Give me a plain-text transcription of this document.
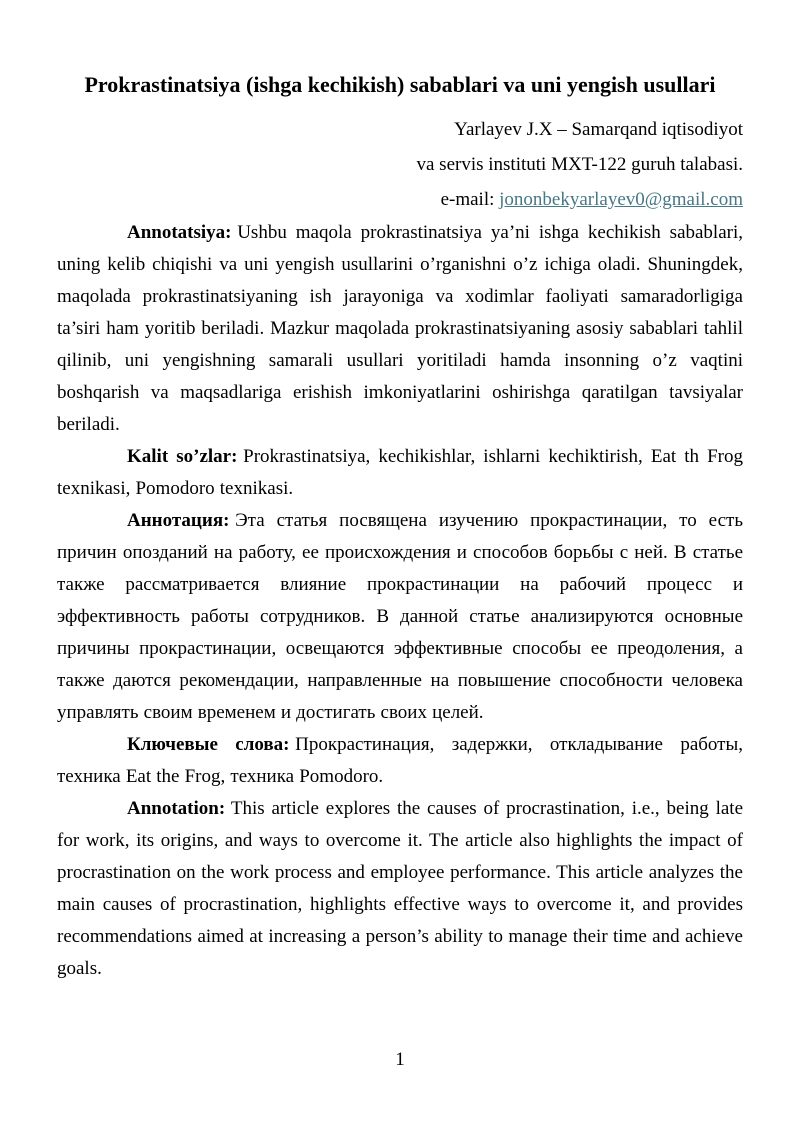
Prokrastinatsiya (ishga kechikish) sabablari va uni yengish usullari
Yarlayev J.X – Samarqand iqtisodiyot
va servis instituti MXT-122 guruh talabasi.
e-mail: jononbekyarlayev0@gmail.com

Annotatsiya: Ushbu maqola prokrastinatsiya ya’ni ishga kechikish sabablari, uning kelib chiqishi va uni yengish usullarini o’rganishni o’z ichiga oladi. Shuningdek, maqolada prokrastinatsiyaning ish jarayoniga va xodimlar faoliyati samaradorligiga ta’siri ham yoritib beriladi. Mazkur maqolada prokrastinatsiyaning asosiy sabablari tahlil qilinib, uni yengishning samarali usullari yoritiladi hamda insonning o’z vaqtini boshqarish va maqsadlariga erishish imkoniyatlarini oshirishga qaratilgan tavsiyalar beriladi.

Kalit so’zlar: Prokrastinatsiya, kechikishlar, ishlarni kechiktirish, Eat th Frog texnikasi, Pomodoro texnikasi.

Аннотация: Эта статья посвящена изучению прокрастинации, то есть причин опозданий на работу, ее происхождения и способов борьбы с ней. В статье также рассматривается влияние прокрастинации на рабочий процесс и эффективность работы сотрудников. В данной статье анализируются основные причины прокрастинации, освещаются эффективные способы ее преодоления, а также даются рекомендации, направленные на повышение способности человека управлять своим временем и достигать своих целей.

Ключевые слова: Прокрастинация, задержки, откладывание работы, техника Eat the Frog, техника Pomodoro.

Annotation: This article explores the causes of procrastination, i.e., being late for work, its origins, and ways to overcome it. The article also highlights the impact of procrastination on the work process and employee performance. This article analyzes the main causes of procrastination, highlights effective ways to overcome it, and provides recommendations aimed at increasing a person’s ability to manage their time and achieve goals.

1
